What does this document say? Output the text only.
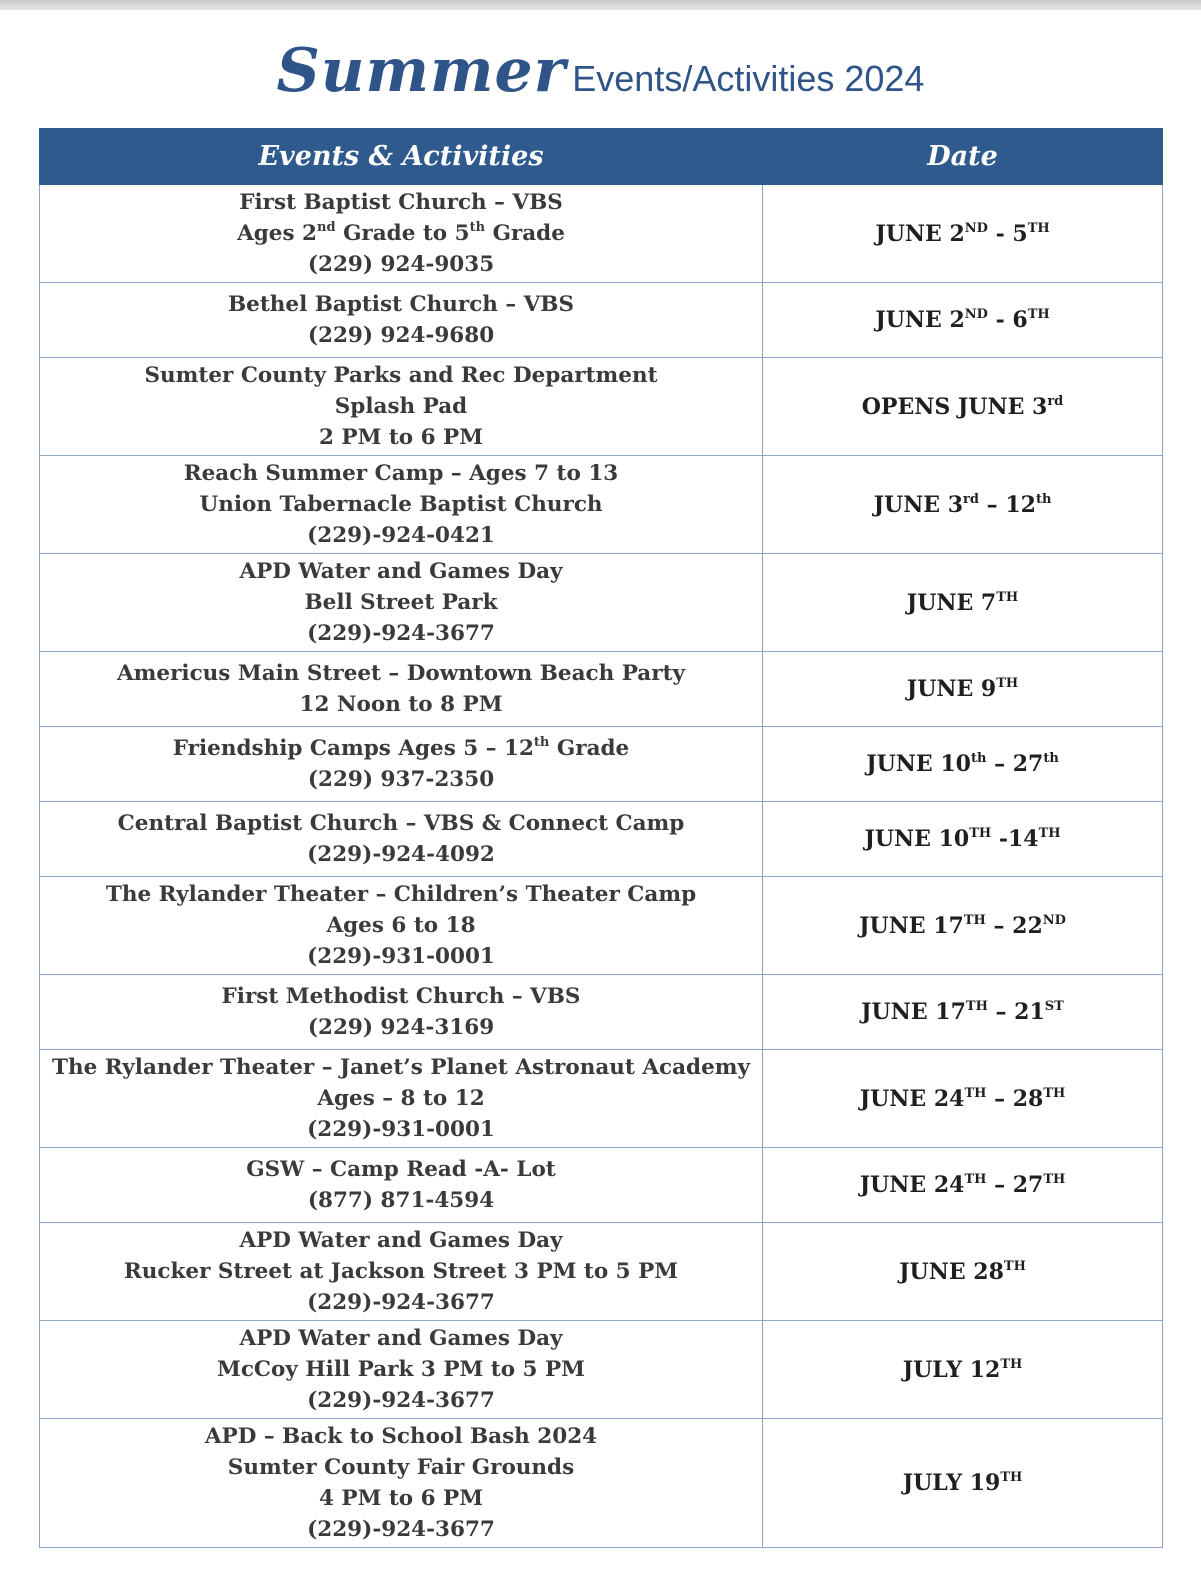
Summer Events/Activities 2024
Events & Activities	Date

First Baptist Church – VBS
Ages 2nd Grade to 5th Grade
(229) 924-9035	JUNE 2ND - 5TH

Bethel Baptist Church – VBS
(229) 924-9680	JUNE 2ND - 6TH

Sumter County Parks and Rec Department
Splash Pad
2 PM to 6 PM	OPENS JUNE 3rd

Reach Summer Camp – Ages 7 to 13
Union Tabernacle Baptist Church
(229)-924-0421	JUNE 3rd – 12th

APD Water and Games Day
Bell Street Park
(229)-924-3677	JUNE 7TH

Americus Main Street – Downtown Beach Party
12 Noon to 8 PM	JUNE 9TH

Friendship Camps Ages 5 – 12th Grade
(229) 937-2350	JUNE 10th – 27th

Central Baptist Church – VBS & Connect Camp
(229)-924-4092	JUNE 10TH -14TH

The Rylander Theater – Children’s Theater Camp
Ages 6 to 18
(229)-931-0001	JUNE 17TH – 22ND

First Methodist Church – VBS
(229) 924-3169	JUNE 17TH – 21ST

The Rylander Theater – Janet’s Planet Astronaut Academy
Ages – 8 to 12
(229)-931-0001	JUNE 24TH – 28TH

GSW – Camp Read -A- Lot
(877) 871-4594	JUNE 24TH – 27TH

APD Water and Games Day
Rucker Street at Jackson Street 3 PM to 5 PM
(229)-924-3677	JUNE 28TH

APD Water and Games Day
McCoy Hill Park 3 PM to 5 PM
(229)-924-3677	JULY 12TH

APD – Back to School Bash 2024
Sumter County Fair Grounds
4 PM to 6 PM
(229)-924-3677	JULY 19TH
